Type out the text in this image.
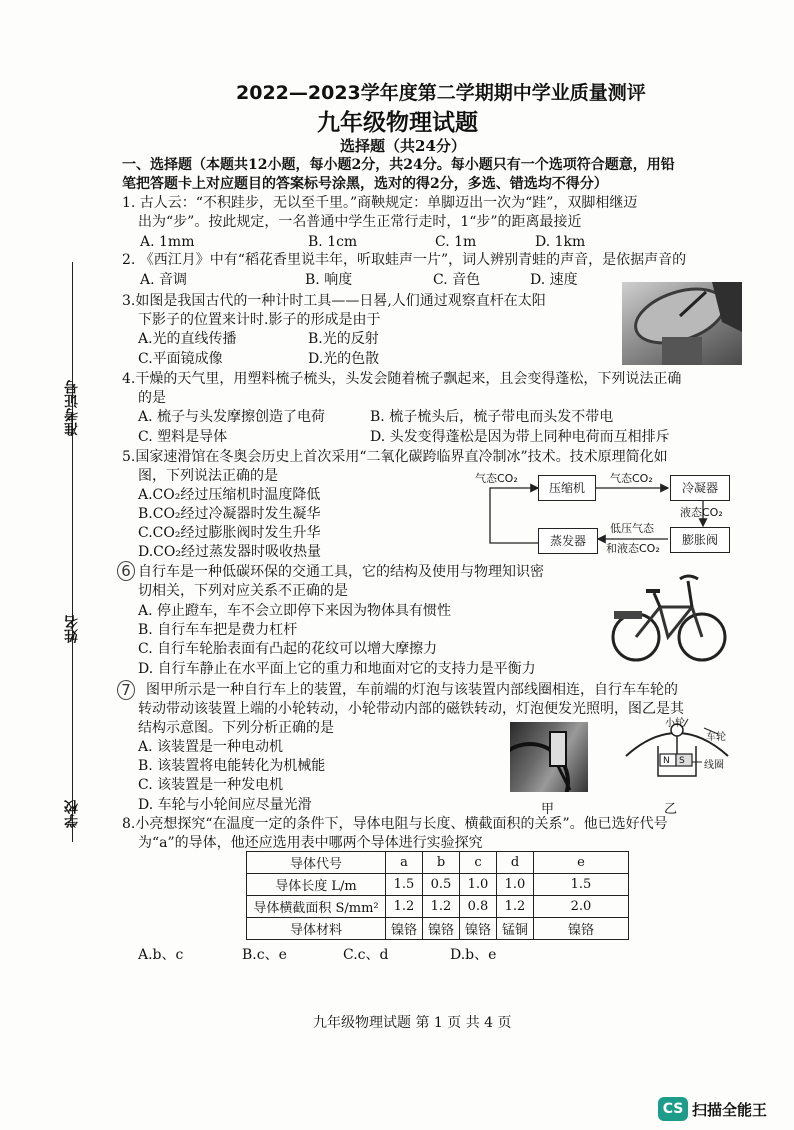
准考证号
姓名
学校
2022—2023学年度第二学期期中学业质量测评
九年级物理试题
选择题（共24分）
一、选择题（本题共12小题，每小题2分，共24分。每小题只有一个选项符合题意，用铅
笔把答题卡上对应题目的答案标号涂黑，选对的得2分，多选、错选均不得分）
1. 古人云：“不积跬步，无以至千里。”商鞅规定：单脚迈出一次为“跬”，双脚相继迈
出为“步”。按此规定，一名普通中学生正常行走时，1“步”的距离最接近
A. 1mm	B. 1cm	C. 1m	D. 1km
2. 《西江月》中有“稻花香里说丰年，听取蛙声一片”，词人辨别青蛙的声音，是依据声音的
A. 音调	B. 响度	C. 音色	D. 速度
3.如图是我国古代的一种计时工具——日晷,人们通过观察直杆在太阳
下影子的位置来计时.影子的形成是由于
A.光的直线传播	B.光的反射
C.平面镜成像	D.光的色散
4.干燥的天气里，用塑料梳子梳头，头发会随着梳子飘起来，且会变得蓬松，下列说法正确
的是
A. 梳子与头发摩擦创造了电荷	B. 梳子梳头后，梳子带电而头发不带电
C. 塑料是导体	D. 头发变得蓬松是因为带上同种电荷而互相排斥
5.国家速滑馆在冬奥会历史上首次采用“二氧化碳跨临界直冷制冰”技术。技术原理简化如
图，下列说法正确的是
A.CO₂经过压缩机时温度降低
B.CO₂经过冷凝器时发生凝华
C.CO₂经过膨胀阀时发生升华
D.CO₂经过蒸发器时吸收热量
气态CO₂
压缩机
气态CO₂
冷凝器
液态CO₂
膨胀阀
低压气态
和液态CO₂
蒸发器
6 自行车是一种低碳环保的交通工具，它的结构及使用与物理知识密
切相关，下列对应关系不正确的是
A. 停止蹬车，车不会立即停下来因为物体具有惯性
B. 自行车车把是费力杠杆
C. 自行车轮胎表面有凸起的花纹可以增大摩擦力
D. 自行车静止在水平面上它的重力和地面对它的支持力是平衡力
7	图甲所示是一种自行车上的装置，车前端的灯泡与该装置内部线圈相连，自行车车轮的
转动带动该装置上端的小轮转动，小轮带动内部的磁铁转动，灯泡便发光照明，图乙是其
结构示意图。下列分析正确的是
A. 该装置是一种电动机
B. 该装置将电能转化为机械能
C. 该装置是一种发电机
D. 车轮与小轮间应尽量光滑	甲
小轮
车轮
N S 线圈
乙
8.小亮想探究“在温度一定的条件下，导体电阻与长度、横截面积的关系”。他已选好代号
为“a”的导体，他还应选用表中哪两个导体进行实验探究
导体代号	a	b	c	d	e
导体长度 L/m	1.5	0.5	1.0	1.0	1.5
导体横截面积 S/mm²	1.2	1.2	0.8	1.2	2.0
导体材料	镍铬	镍铬	镍铬	锰铜	镍铬
A.b、c	B.c、e	C.c、d	D.b、e
九年级物理试题 第 1 页 共 4 页
CS 扫描全能王
